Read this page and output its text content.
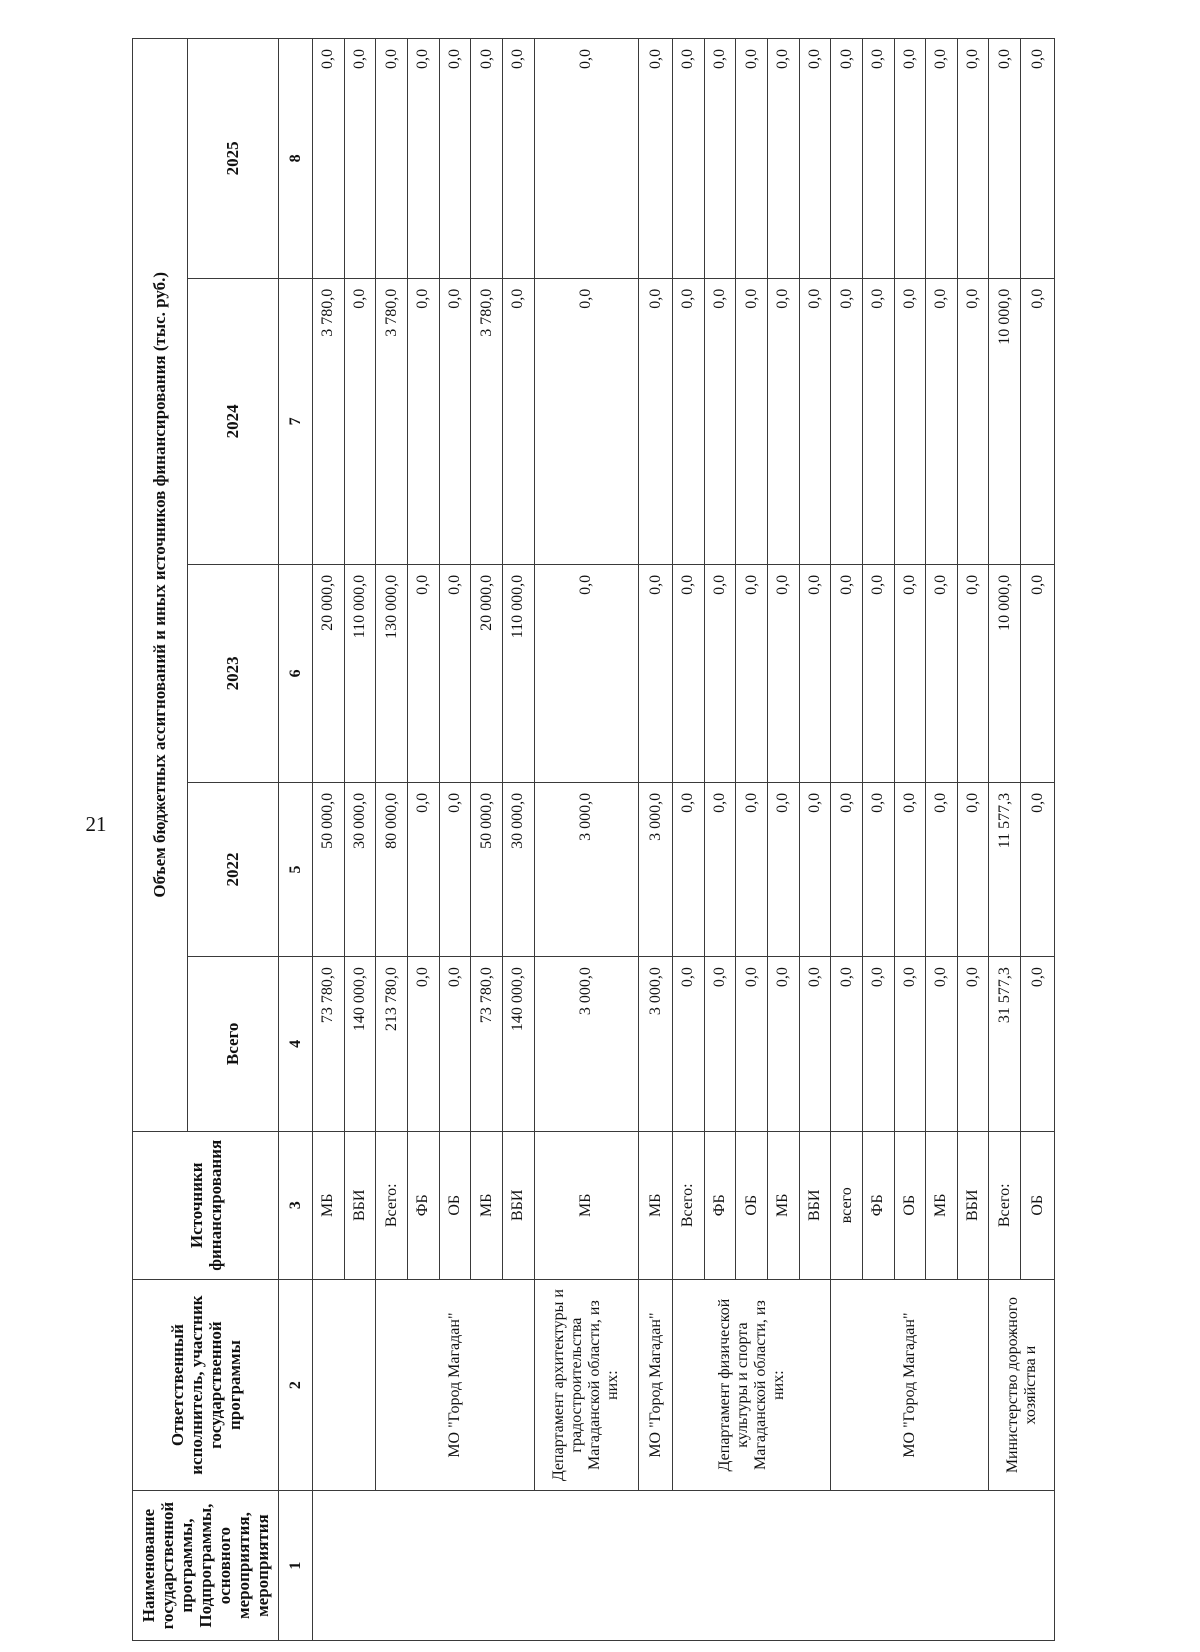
21
Наименование государственной программы, Подпрограммы, основного мероприятия, мероприятия	Ответственный исполнитель, участник государственной программы	Источники финансирования	Объем бюджетных ассигнований и иных источников финансирования (тыс. руб.)				
			Всего	2022	2023	2024	2025
1	2	3	4	5	6	7	8
		МБ	73 780,0	50 000,0	20 000,0	3 780,0	0,0
		ВБИ	140 000,0	30 000,0	110 000,0	0,0	0,0
	МО "Город Магадан"	Всего:	213 780,0	80 000,0	130 000,0	3 780,0	0,0
		ФБ	0,0	0,0	0,0	0,0	0,0
		ОБ	0,0	0,0	0,0	0,0	0,0
		МБ	73 780,0	50 000,0	20 000,0	3 780,0	0,0
		ВБИ	140 000,0	30 000,0	110 000,0	0,0	0,0
	Департамент архитектуры и градостроительства Магаданской области, из них:	МБ	3 000,0	3 000,0	0,0	0,0	0,0
	МО "Город Магадан"	МБ	3 000,0	3 000,0	0,0	0,0	0,0
	Департамент физической культуры и спорта Магаданской области, из них:	Всего:	0,0	0,0	0,0	0,0	0,0
		ФБ	0,0	0,0	0,0	0,0	0,0
		ОБ	0,0	0,0	0,0	0,0	0,0
		МБ	0,0	0,0	0,0	0,0	0,0
		ВБИ	0,0	0,0	0,0	0,0	0,0
	МО "Город Магадан"	всего	0,0	0,0	0,0	0,0	0,0
		ФБ	0,0	0,0	0,0	0,0	0,0
		ОБ	0,0	0,0	0,0	0,0	0,0
		МБ	0,0	0,0	0,0	0,0	0,0
		ВБИ	0,0	0,0	0,0	0,0	0,0
	Министерство дорожного хозяйства и	Всего:	31 577,3	11 577,3	10 000,0	10 000,0	0,0
		ОБ	0,0	0,0	0,0	0,0	0,0
